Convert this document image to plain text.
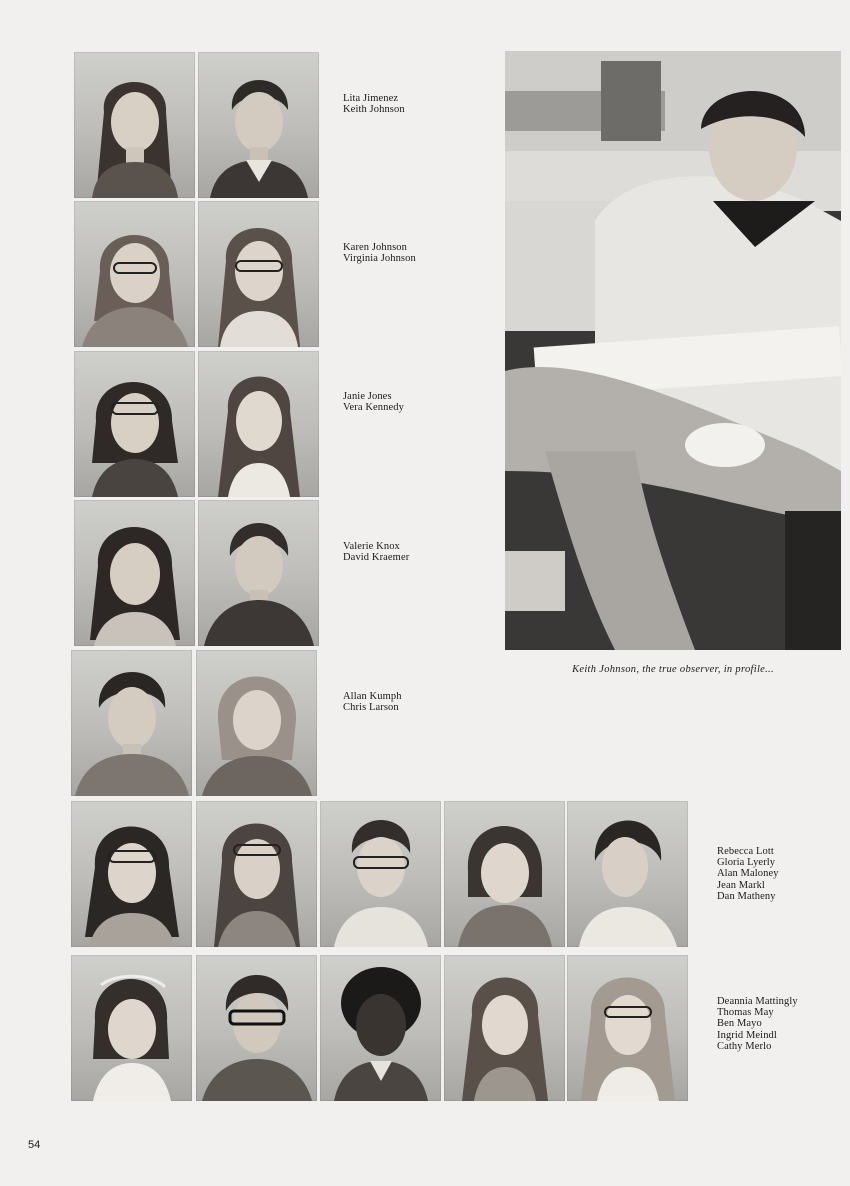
Lita Jimenez
Keith Johnson
Karen Johnson
Virginia Johnson
Janie Jones
Vera Kennedy
Valerie Knox
David Kraemer
Allan Kumph
Chris Larson
Rebecca Lott
Gloria Lyerly
Alan Maloney
Jean Markl
Dan Matheny
Deannia Mattingly
Thomas May
Ben Mayo
Ingrid Meindl
Cathy Merlo
Keith Johnson, the true observer, in profile...
54
